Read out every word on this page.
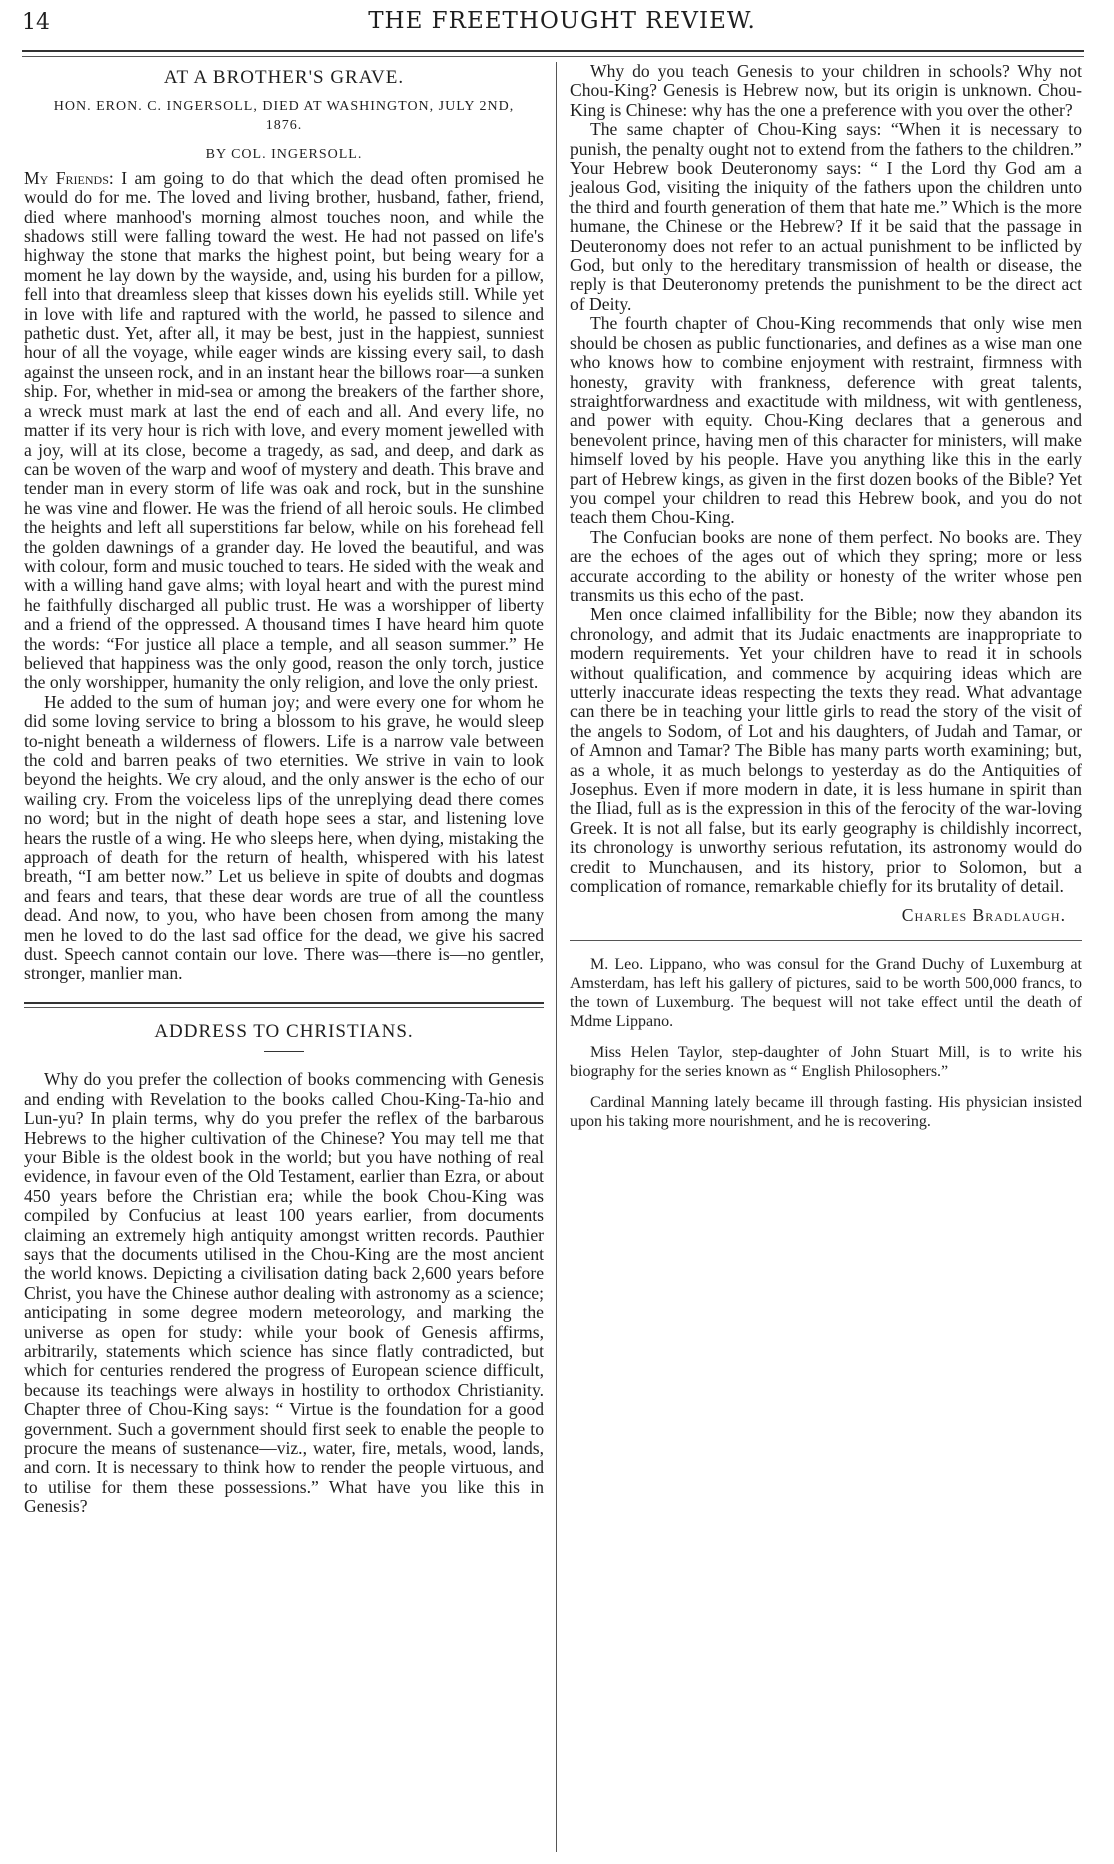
14	THE FREETHOUGHT REVIEW.
AT A BROTHER'S GRAVE.
HON. ERON. C. INGERSOLL, DIED AT WASHINGTON, JULY 2ND, 1876.
BY COL. INGERSOLL.

My Friends: I am going to do that which the dead often promised he would do for me. The loved and living brother, husband, father, friend, died where manhood's morning almost touches noon, and while the shadows still were falling toward the west. He had not passed on life's highway the stone that marks the highest point, but being weary for a moment he lay down by the wayside, and, using his burden for a pillow, fell into that dreamless sleep that kisses down his eyelids still. While yet in love with life and raptured with the world, he passed to silence and pathetic dust. Yet, after all, it may be best, just in the happiest, sunniest hour of all the voyage, while eager winds are kissing every sail, to dash against the unseen rock, and in an instant hear the billows roar—a sunken ship. For, whether in mid-sea or among the breakers of the farther shore, a wreck must mark at last the end of each and all. And every life, no matter if its very hour is rich with love, and every moment jewelled with a joy, will at its close, become a tragedy, as sad, and deep, and dark as can be woven of the warp and woof of mystery and death. This brave and tender man in every storm of life was oak and rock, but in the sunshine he was vine and flower. He was the friend of all heroic souls. He climbed the heights and left all superstitions far below, while on his forehead fell the golden dawnings of a grander day. He loved the beautiful, and was with colour, form and music touched to tears. He sided with the weak and with a willing hand gave alms; with loyal heart and with the purest mind he faithfully discharged all public trust. He was a worshipper of liberty and a friend of the oppressed. A thousand times I have heard him quote the words: “For justice all place a temple, and all season summer.” He believed that happiness was the only good, reason the only torch, justice the only worshipper, humanity the only religion, and love the only priest.

He added to the sum of human joy; and were every one for whom he did some loving service to bring a blossom to his grave, he would sleep to-night beneath a wilderness of flowers. Life is a narrow vale between the cold and barren peaks of two eternities. We strive in vain to look beyond the heights. We cry aloud, and the only answer is the echo of our wailing cry. From the voiceless lips of the unreplying dead there comes no word; but in the night of death hope sees a star, and listening love hears the rustle of a wing. He who sleeps here, when dying, mistaking the approach of death for the return of health, whispered with his latest breath, “I am better now.” Let us believe in spite of doubts and dogmas and fears and tears, that these dear words are true of all the countless dead. And now, to you, who have been chosen from among the many men he loved to do the last sad office for the dead, we give his sacred dust. Speech cannot contain our love. There was—there is—no gentler, stronger, manlier man.

ADDRESS TO CHRISTIANS.

Why do you prefer the collection of books commencing with Genesis and ending with Revelation to the books called Chou-King-Ta-hio and Lun-yu? In plain terms, why do you prefer the reflex of the barbarous Hebrews to the higher cultivation of the Chinese? You may tell me that your Bible is the oldest book in the world; but you have nothing of real evidence, in favour even of the Old Testament, earlier than Ezra, or about 450 years before the Christian era; while the book Chou-King was compiled by Confucius at least 100 years earlier, from documents claiming an extremely high antiquity amongst written records. Pauthier says that the documents utilised in the Chou-King are the most ancient the world knows. Depicting a civilisation dating back 2,600 years before Christ, you have the Chinese author dealing with astronomy as a science; anticipating in some degree modern meteorology, and marking the universe as open for study: while your book of Genesis affirms, arbitrarily, statements which science has since flatly contradicted, but which for centuries rendered the progress of European science difficult, because its teachings were always in hostility to orthodox Christianity. Chapter three of Chou-King says: “ Virtue is the foundation for a good government. Such a government should first seek to enable the people to procure the means of sustenance—viz., water, fire, metals, wood, lands, and corn. It is necessary to think how to render the people virtuous, and to utilise for them these possessions.” What have you like this in Genesis?

Why do you teach Genesis to your children in schools? Why not Chou-King? Genesis is Hebrew now, but its origin is unknown. Chou-King is Chinese: why has the one a preference with you over the other?

The same chapter of Chou-King says: “When it is necessary to punish, the penalty ought not to extend from the fathers to the children.” Your Hebrew book Deuteronomy says: “ I the Lord thy God am a jealous God, visiting the iniquity of the fathers upon the children unto the third and fourth generation of them that hate me.” Which is the more humane, the Chinese or the Hebrew? If it be said that the passage in Deuteronomy does not refer to an actual punishment to be inflicted by God, but only to the hereditary transmission of health or disease, the reply is that Deuteronomy pretends the punishment to be the direct act of Deity.

The fourth chapter of Chou-King recommends that only wise men should be chosen as public functionaries, and defines as a wise man one who knows how to combine enjoyment with restraint, firmness with honesty, gravity with frankness, deference with great talents, straightforwardness and exactitude with mildness, wit with gentleness, and power with equity. Chou-King declares that a generous and benevolent prince, having men of this character for ministers, will make himself loved by his people. Have you anything like this in the early part of Hebrew kings, as given in the first dozen books of the Bible? Yet you compel your children to read this Hebrew book, and you do not teach them Chou-King.

The Confucian books are none of them perfect. No books are. They are the echoes of the ages out of which they spring; more or less accurate according to the ability or honesty of the writer whose pen transmits us this echo of the past.

Men once claimed infallibility for the Bible; now they abandon its chronology, and admit that its Judaic enactments are inappropriate to modern requirements. Yet your children have to read it in schools without qualification, and commence by acquiring ideas which are utterly inaccurate ideas respecting the texts they read. What advantage can there be in teaching your little girls to read the story of the visit of the angels to Sodom, of Lot and his daughters, of Judah and Tamar, or of Amnon and Tamar? The Bible has many parts worth examining; but, as a whole, it as much belongs to yesterday as do the Antiquities of Josephus. Even if more modern in date, it is less humane in spirit than the Iliad, full as is the expression in this of the ferocity of the war-loving Greek. It is not all false, but its early geography is childishly incorrect, its chronology is unworthy serious refutation, its astronomy would do credit to Munchausen, and its history, prior to Solomon, but a complication of romance, remarkable chiefly for its brutality of detail.

Charles Bradlaugh.

M. Leo. Lippano, who was consul for the Grand Duchy of Luxemburg at Amsterdam, has left his gallery of pictures, said to be worth 500,000 francs, to the town of Luxemburg. The bequest will not take effect until the death of Mdme Lippano.

Miss Helen Taylor, step-daughter of John Stuart Mill, is to write his biography for the series known as “ English Philosophers.”

Cardinal Manning lately became ill through fasting. His physician insisted upon his taking more nourishment, and he is recovering.
